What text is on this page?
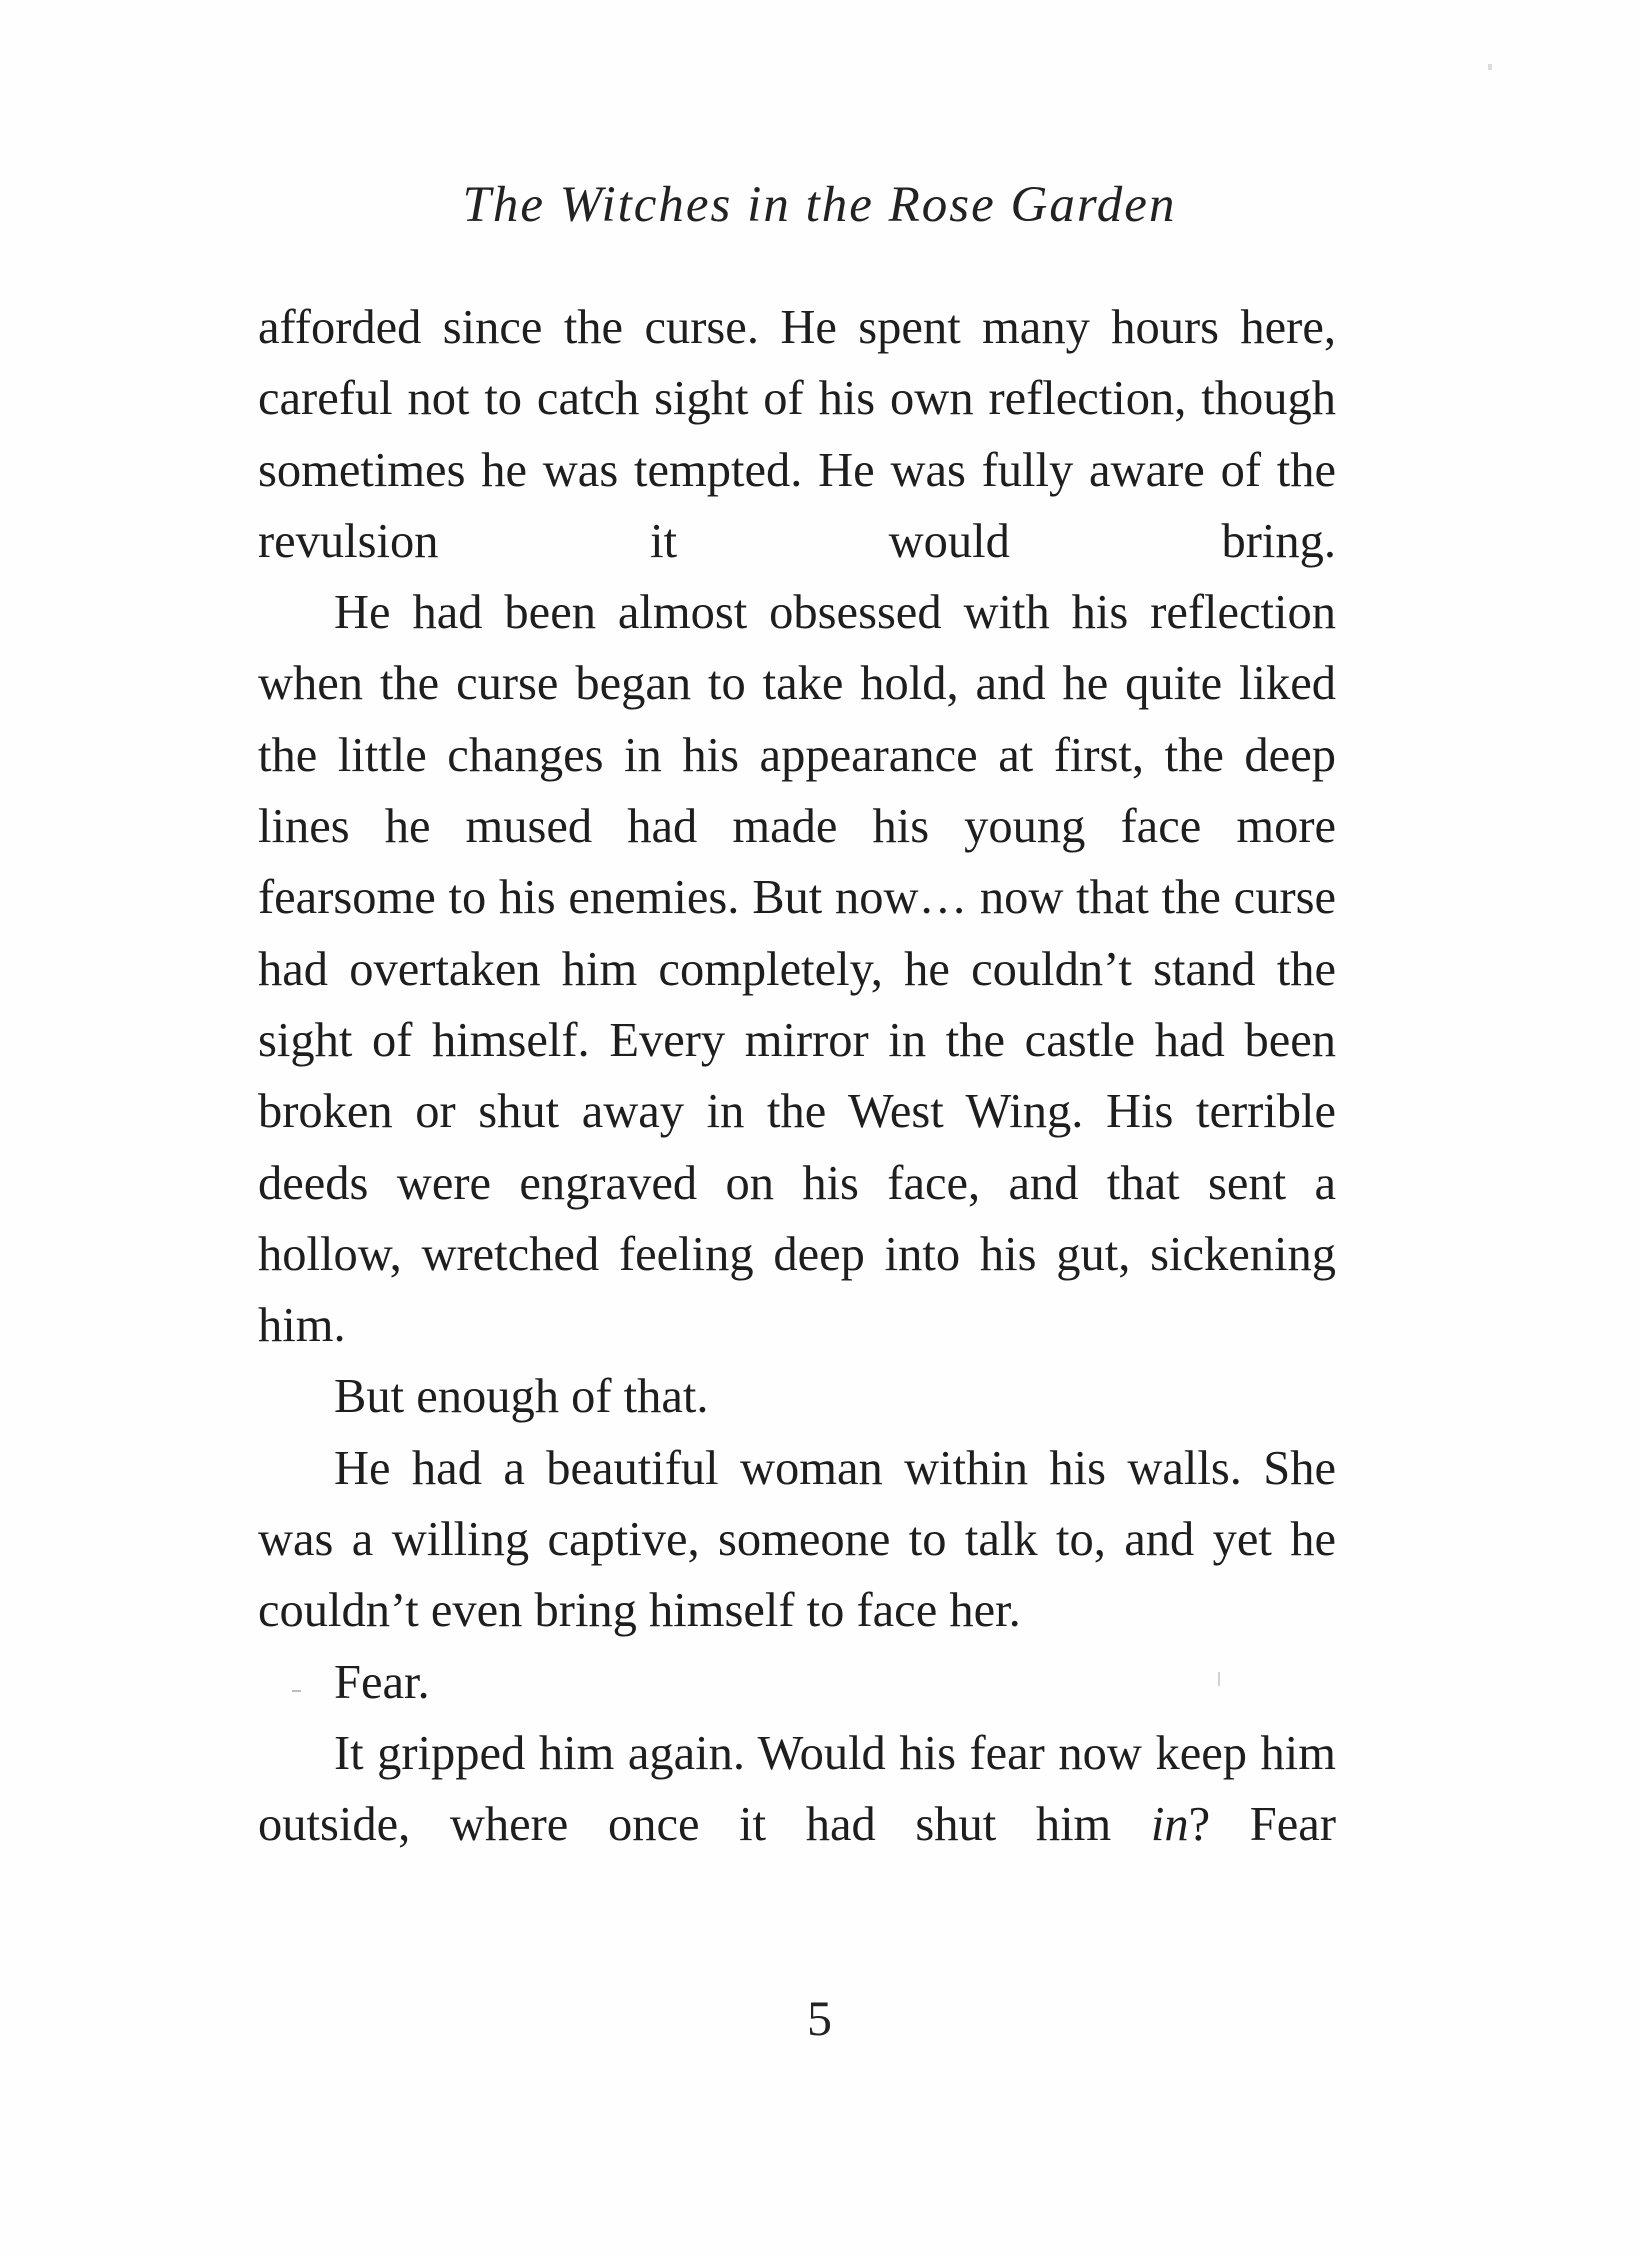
The Witches in the Rose Garden

afforded since the curse. He spent many hours here, careful not to catch sight of his own reflection, though sometimes he was tempted. He was fully aware of the revulsion it would bring.

He had been almost obsessed with his reflection when the curse began to take hold, and he quite liked the little changes in his appearance at first, the deep lines he mused had made his young face more fearsome to his enemies. But now… now that the curse had overtaken him completely, he couldn’t stand the sight of himself. Every mirror in the castle had been broken or shut away in the West Wing. His terrible deeds were engraved on his face, and that sent a hollow, wretched feeling deep into his gut, sickening him.

But enough of that.

He had a beautiful woman within his walls. She was a willing captive, someone to talk to, and yet he couldn’t even bring himself to face her.

Fear.

It gripped him again. Would his fear now keep him outside, where once it had shut him in? Fear

5
